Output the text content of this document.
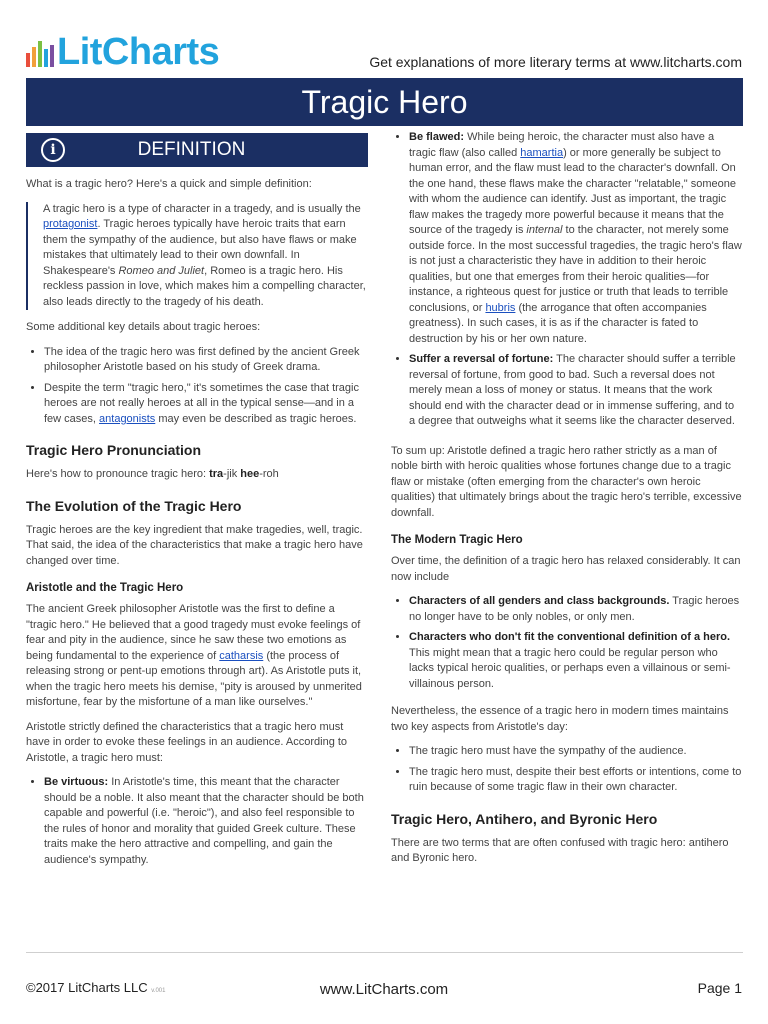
LitCharts	Get explanations of more literary terms at www.litcharts.com
Tragic Hero
i	DEFINITION

What is a tragic hero? Here's a quick and simple definition:

A tragic hero is a type of character in a tragedy, and is usually the protagonist. Tragic heroes typically have heroic traits that earn them the sympathy of the audience, but also have flaws or make mistakes that ultimately lead to their own downfall. In Shakespeare's Romeo and Juliet, Romeo is a tragic hero. His reckless passion in love, which makes him a compelling character, also leads directly to the tragedy of his death.

Some additional key details about tragic heroes:

• The idea of the tragic hero was first defined by the ancient Greek philosopher Aristotle based on his study of Greek drama.
• Despite the term "tragic hero," it's sometimes the case that tragic heroes are not really heroes at all in the typical sense—and in a few cases, antagonists may even be described as tragic heroes.
Tragic Hero Pronunciation

Here's how to pronounce tragic hero: tra-jik hee-roh

The Evolution of the Tragic Hero

Tragic heroes are the key ingredient that make tragedies, well, tragic. That said, the idea of the characteristics that make a tragic hero have changed over time.

Aristotle and the Tragic Hero

The ancient Greek philosopher Aristotle was the first to define a "tragic hero." He believed that a good tragedy must evoke feelings of fear and pity in the audience, since he saw these two emotions as being fundamental to the experience of catharsis (the process of releasing strong or pent-up emotions through art). As Aristotle puts it, when the tragic hero meets his demise, "pity is aroused by unmerited misfortune, fear by the misfortune of a man like ourselves."

Aristotle strictly defined the characteristics that a tragic hero must have in order to evoke these feelings in an audience. According to Aristotle, a tragic hero must:

• Be virtuous: In Aristotle's time, this meant that the character should be a noble. It also meant that the character should be both capable and powerful (i.e. "heroic"), and also feel responsible to the rules of honor and morality that guided Greek culture. These traits make the hero attractive and compelling, and gain the audience's sympathy.
• Be flawed: While being heroic, the character must also have a tragic flaw (also called hamartia) or more generally be subject to human error, and the flaw must lead to the character's downfall. On the one hand, these flaws make the character "relatable," someone with whom the audience can identify. Just as important, the tragic flaw makes the tragedy more powerful because it means that the source of the tragedy is internal to the character, not merely some outside force. In the most successful tragedies, the tragic hero's flaw is not just a characteristic they have in addition to their heroic qualities, but one that emerges from their heroic qualities—for instance, a righteous quest for justice or truth that leads to terrible conclusions, or hubris (the arrogance that often accompanies greatness). In such cases, it is as if the character is fated to destruction by his or her own nature.
• Suffer a reversal of fortune: The character should suffer a terrible reversal of fortune, from good to bad. Such a reversal does not merely mean a loss of money or status. It means that the work should end with the character dead or in immense suffering, and to a degree that outweighs what it seems like the character deserved.

To sum up: Aristotle defined a tragic hero rather strictly as a man of noble birth with heroic qualities whose fortunes change due to a tragic flaw or mistake (often emerging from the character's own heroic qualities) that ultimately brings about the tragic hero's terrible, excessive downfall.

The Modern Tragic Hero

Over time, the definition of a tragic hero has relaxed considerably. It can now include

• Characters of all genders and class backgrounds. Tragic heroes no longer have to be only nobles, or only men.
• Characters who don't fit the conventional definition of a hero. This might mean that a tragic hero could be regular person who lacks typical heroic qualities, or perhaps even a villainous or semi-villainous person.

Nevertheless, the essence of a tragic hero in modern times maintains two key aspects from Aristotle's day:

• The tragic hero must have the sympathy of the audience.
• The tragic hero must, despite their best efforts or intentions, come to ruin because of some tragic flaw in their own character.
Tragic Hero, Antihero, and Byronic Hero

There are two terms that are often confused with tragic hero: antihero and Byronic hero.

©2017 LitCharts LLC v.001	www.LitCharts.com	Page 1
